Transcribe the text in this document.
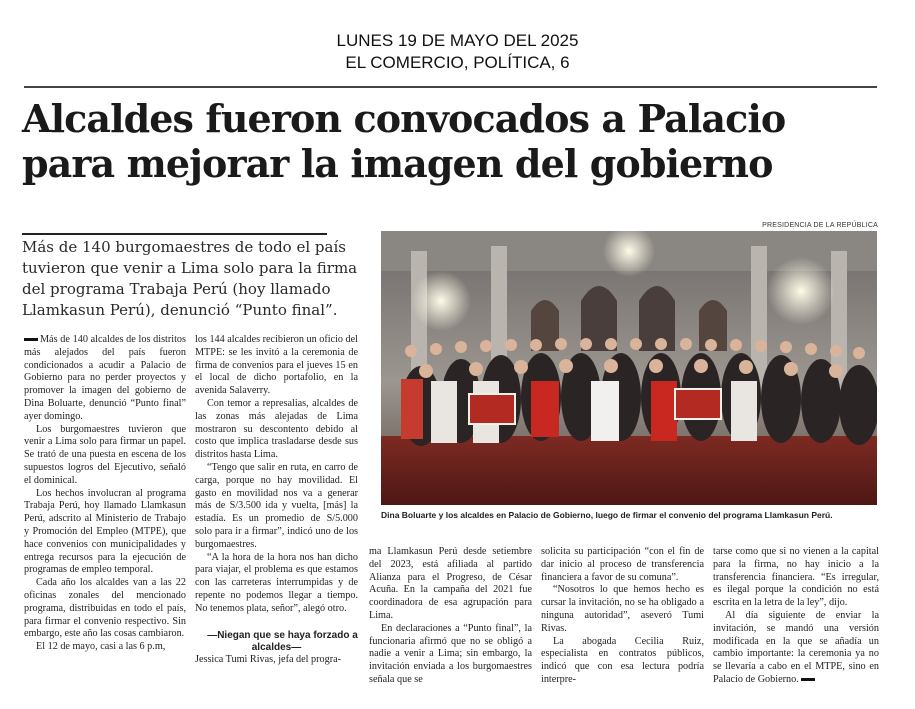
LUNES 19 DE MAYO DEL 2025
EL COMERCIO, POLÍTICA, 6
Alcaldes fueron convocados a Palacio
para mejorar la imagen del gobierno
PRESIDENCIA DE LA REPÚBLICA

Más de 140 burgomaestres de todo el país tuvieron que venir a Lima solo para la firma del programa Trabaja Perú (hoy llamado Llamkasun Perú), denunció “Punto final”.

Dina Boluarte y los alcaldes en Palacio de Gobierno, luego de firmar el convenio del programa Llamkasun Perú.

Más de 140 alcaldes de los distritos más alejados del país fueron condicionados a acudir a Palacio de Gobierno para no perder proyectos y promover la imagen del gobierno de Dina Boluarte, denunció “Punto final” ayer domingo.

Los burgomaestres tuvieron que venir a Lima solo para firmar un papel. Se trató de una puesta en escena de los supuestos logros del Ejecutivo, señaló el dominical.

Los hechos involucran al programa Trabaja Perú, hoy llamado Llamkasun Perú, adscrito al Ministerio de Trabajo y Promoción del Empleo (MTPE), que hace convenios con municipalidades y entrega recursos para la ejecución de programas de empleo temporal.

Cada año los alcaldes van a las 22 oficinas zonales del mencionado programa, distribuidas en todo el país, para firmar el convenio respectivo. Sin embargo, este año las cosas cambiaron.

El 12 de mayo, casi a las 6 p.m,

los 144 alcaldes recibieron un oficio del MTPE: se les invitó a la ceremonia de firma de convenios para el jueves 15 en el local de dicho portafolio, en la avenida Salaverry.

Con temor a represalias, alcaldes de las zonas más alejadas de Lima mostraron su descontento debido al costo que implica trasladarse desde sus distritos hasta Lima.

“Tengo que salir en ruta, en carro de carga, porque no hay movilidad. El gasto en movilidad nos va a generar más de S/3.500 ida y vuelta, [más] la estadía. Es un promedio de S/5.000 solo para ir a firmar”, indicó uno de los burgomaestres.

“A la hora de la hora nos han dicho para viajar, el problema es que estamos con las carreteras interrumpidas y de repente no podemos llegar a tiempo. No tenemos plata, señor”, alegó otro.

—Niegan que se haya forzado a alcaldes—

Jessica Tumi Rivas, jefa del progra-

ma Llamkasun Perú desde setiembre del 2023, está afiliada al partido Alianza para el Progreso, de César Acuña. En la campaña del 2021 fue coordinadora de esa agrupación para Lima.

En declaraciones a “Punto final”, la funcionaria afirmó que no se obligó a nadie a venir a Lima; sin embargo, la invitación enviada a los burgomaestres señala que se

solicita su participación “con el fin de dar inicio al proceso de transferencia financiera a favor de su comuna”.

“Nosotros lo que hemos hecho es cursar la invitación, no se ha obligado a ninguna autoridad”, aseveró Tumi Rivas.

La abogada Cecilia Ruiz, especialista en contratos públicos, indicó que con esa lectura podría interpre-

tarse como que si no vienen a la capital para la firma, no hay inicio a la transferencia financiera. “Es irregular, es ilegal porque la condición no está escrita en la letra de la ley”, dijo.

Al día siguiente de enviar la invitación, se mandó una versión modificada en la que se añadía un cambio importante: la ceremonia ya no se llevaría a cabo en el MTPE, sino en Palacio de Gobierno.
